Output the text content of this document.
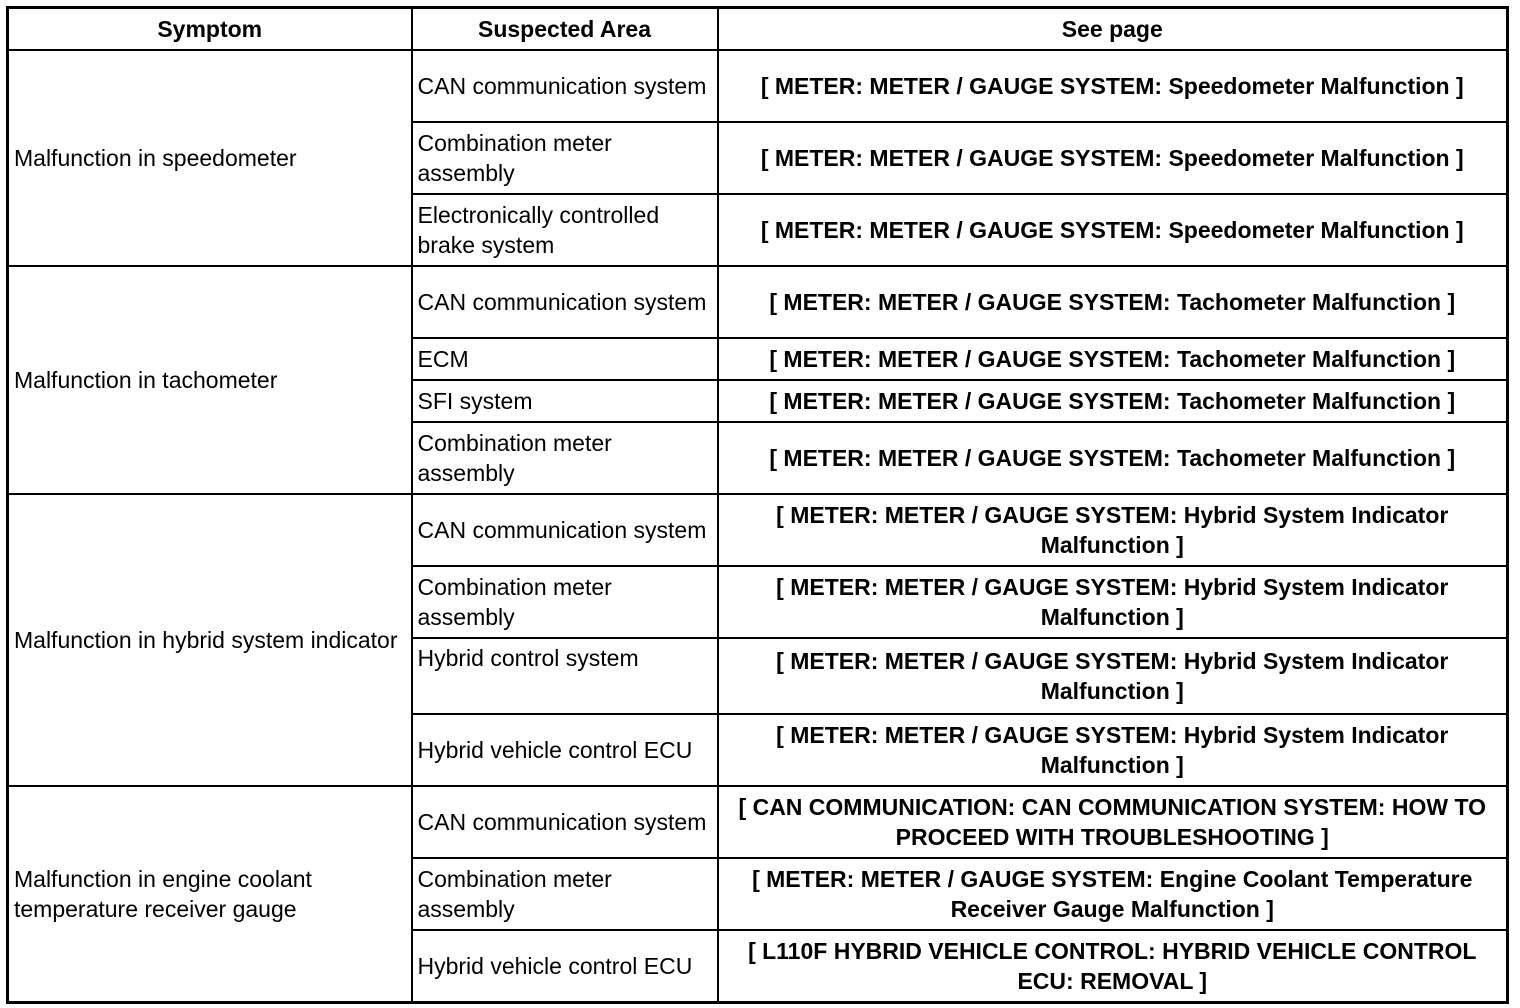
Symptom	Suspected Area	See page
Malfunction in speedometer	CAN communication system	[ METER: METER / GAUGE SYSTEM: Speedometer Malfunction ]
	Combination meter assembly	[ METER: METER / GAUGE SYSTEM: Speedometer Malfunction ]
	Electronically controlled brake system	[ METER: METER / GAUGE SYSTEM: Speedometer Malfunction ]
Malfunction in tachometer	CAN communication system	[ METER: METER / GAUGE SYSTEM: Tachometer Malfunction ]
	ECM	[ METER: METER / GAUGE SYSTEM: Tachometer Malfunction ]
	SFI system	[ METER: METER / GAUGE SYSTEM: Tachometer Malfunction ]
	Combination meter assembly	[ METER: METER / GAUGE SYSTEM: Tachometer Malfunction ]
Malfunction in hybrid system indicator	CAN communication system	[ METER: METER / GAUGE SYSTEM: Hybrid System Indicator Malfunction ]
	Combination meter assembly	[ METER: METER / GAUGE SYSTEM: Hybrid System Indicator Malfunction ]
	Hybrid control system	[ METER: METER / GAUGE SYSTEM: Hybrid System Indicator Malfunction ]
	Hybrid vehicle control ECU	[ METER: METER / GAUGE SYSTEM: Hybrid System Indicator Malfunction ]
Malfunction in engine coolant temperature receiver gauge	CAN communication system	[ CAN COMMUNICATION: CAN COMMUNICATION SYSTEM: HOW TO PROCEED WITH TROUBLESHOOTING ]
	Combination meter assembly	[ METER: METER / GAUGE SYSTEM: Engine Coolant Temperature Receiver Gauge Malfunction ]
	Hybrid vehicle control ECU	[ L110F HYBRID VEHICLE CONTROL: HYBRID VEHICLE CONTROL ECU: REMOVAL ]
